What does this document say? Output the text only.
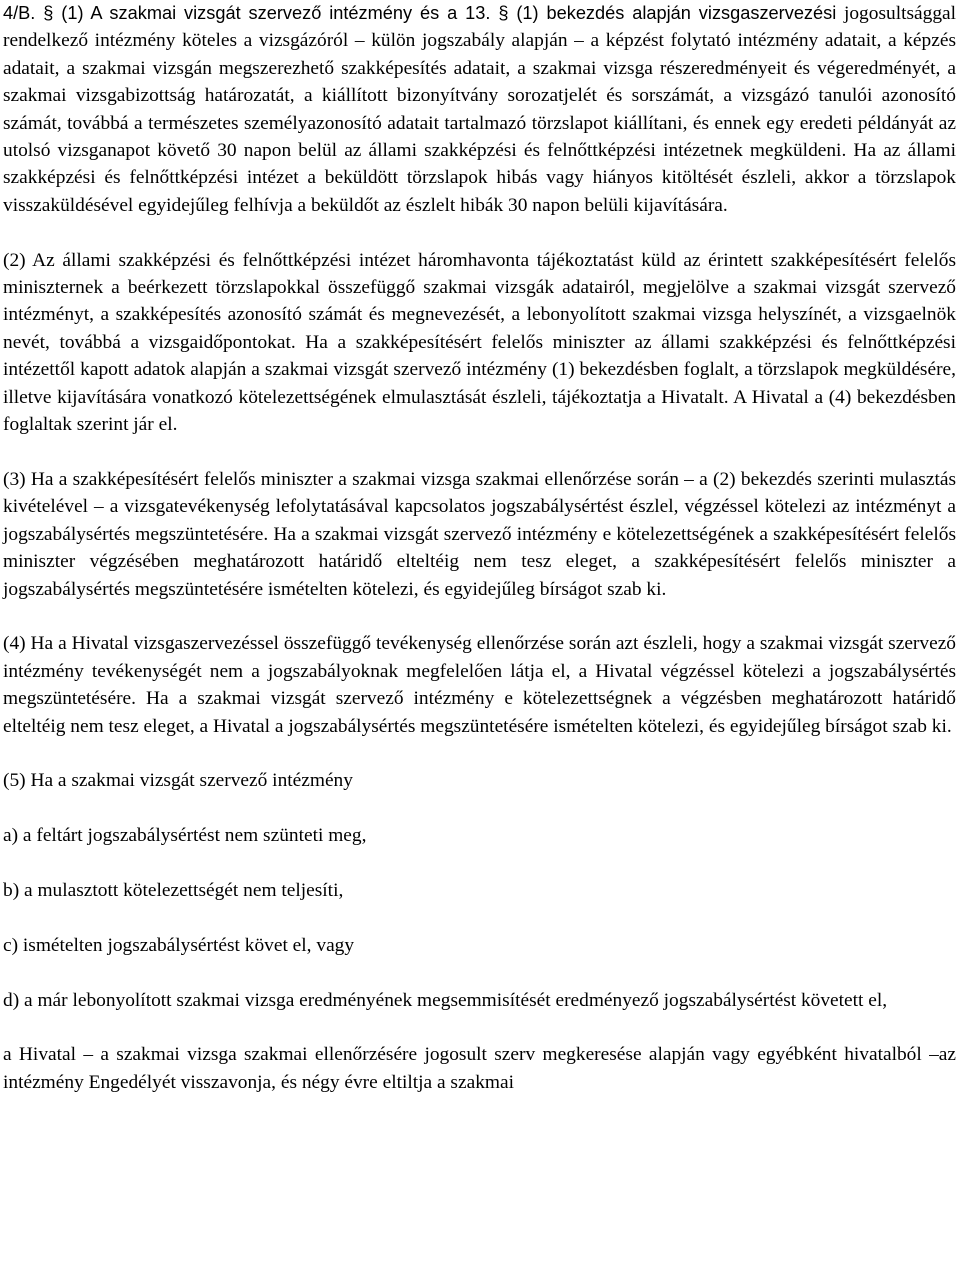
4/B. § (1) A szakmai vizsgát szervező intézmény és a 13. § (1) bekezdés alapján vizsgaszervezési jogosultsággal rendelkező intézmény köteles a vizsgázóról – külön jogszabály alapján – a képzést folytató intézmény adatait, a képzés adatait, a szakmai vizsgán megszerezhető szakképesítés adatait, a szakmai vizsga részeredményeit és végeredményét, a szakmai vizsgabizottság határozatát, a kiállított bizonyítvány sorozatjelét és sorszámát, a vizsgázó tanulói azonosító számát, továbbá a természetes személyazonosító adatait tartalmazó törzslapot kiállítani, és ennek egy eredeti példányát az utolsó vizsganapot követő 30 napon belül az állami szakképzési és felnőttképzési intézetnek megküldeni. Ha az állami szakképzési és felnőttképzési intézet a beküldött törzslapok hibás vagy hiányos kitöltését észleli, akkor a törzslapok visszaküldésével egyidejűleg felhívja a beküldőt az észlelt hibák 30 napon belüli kijavítására.

(2) Az állami szakképzési és felnőttképzési intézet háromhavonta tájékoztatást küld az érintett szakképesítésért felelős miniszternek a beérkezett törzslapokkal összefüggő szakmai vizsgák adatairól, megjelölve a szakmai vizsgát szervező intézményt, a szakképesítés azonosító számát és megnevezését, a lebonyolított szakmai vizsga helyszínét, a vizsgaelnök nevét, továbbá a vizsgaidőpontokat. Ha a szakképesítésért felelős miniszter az állami szakképzési és felnőttképzési intézettől kapott adatok alapján a szakmai vizsgát szervező intézmény (1) bekezdésben foglalt, a törzslapok megküldésére, illetve kijavítására vonatkozó kötelezettségének elmulasztását észleli, tájékoztatja a Hivatalt. A Hivatal a (4) bekezdésben foglaltak szerint jár el.

(3) Ha a szakképesítésért felelős miniszter a szakmai vizsga szakmai ellenőrzése során – a (2) bekezdés szerinti mulasztás kivételével – a vizsgatevékenység lefolytatásával kapcsolatos jogszabálysértést észlel, végzéssel kötelezi az intézményt a jogszabálysértés megszüntetésére. Ha a szakmai vizsgát szervező intézmény e kötelezettségének a szakképesítésért felelős miniszter végzésében meghatározott határidő elteltéig nem tesz eleget, a szakképesítésért felelős miniszter a jogszabálysértés megszüntetésére ismételten kötelezi, és egyidejűleg bírságot szab ki.

(4) Ha a Hivatal vizsgaszervezéssel összefüggő tevékenység ellenőrzése során azt észleli, hogy a szakmai vizsgát szervező intézmény tevékenységét nem a jogszabályoknak megfelelően látja el, a Hivatal végzéssel kötelezi a jogszabálysértés megszüntetésére. Ha a szakmai vizsgát szervező intézmény e kötelezettségnek a végzésben meghatározott határidő elteltéig nem tesz eleget, a Hivatal a jogszabálysértés megszüntetésére ismételten kötelezi, és egyidejűleg bírságot szab ki.

(5) Ha a szakmai vizsgát szervező intézmény

a) a feltárt jogszabálysértést nem szünteti meg,

b) a mulasztott kötelezettségét nem teljesíti,

c) ismételten jogszabálysértést követ el, vagy

d) a már lebonyolított szakmai vizsga eredményének megsemmisítését eredményező jogszabálysértést követett el,

a Hivatal – a szakmai vizsga szakmai ellenőrzésére jogosult szerv megkeresése alapján vagy egyébként hivatalból –az intézmény Engedélyét visszavonja, és négy évre eltiltja a szakmai
